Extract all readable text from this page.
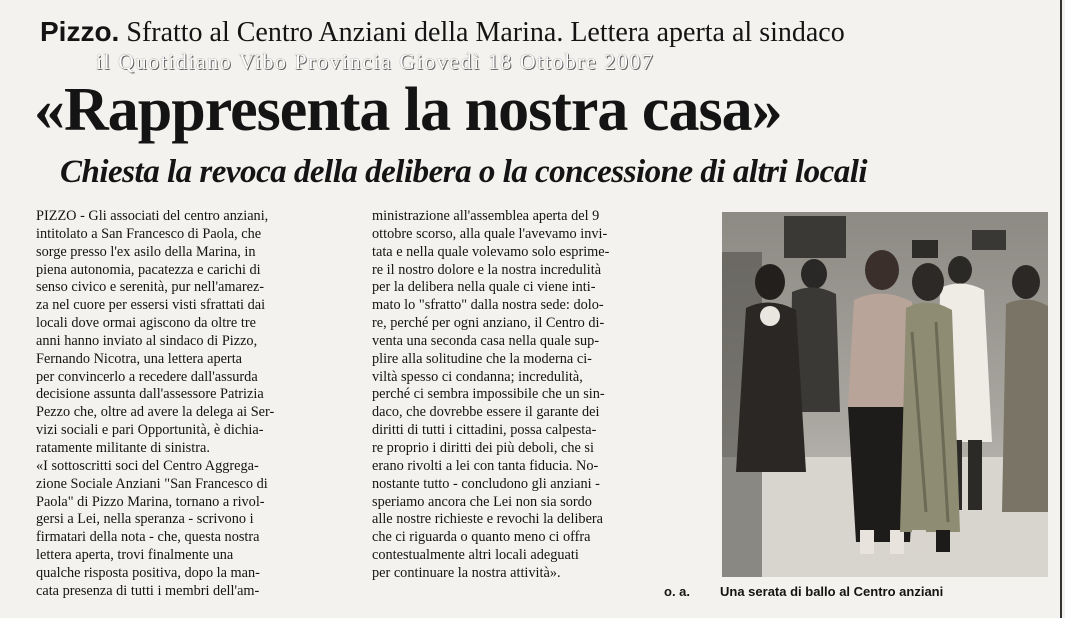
Pizzo. Sfratto al Centro Anziani della Marina. Lettera aperta al sindaco
il Quotidiano Vibo Provincia Giovedì 18 Ottobre 2007
«Rappresenta la nostra casa»
Chiesta la revoca della delibera o la concessione di altri locali
PIZZO - Gli associati del centro anziani,
intitolato a San Francesco di Paola, che
sorge presso l'ex asilo della Marina, in
piena autonomia, pacatezza e carichi di
senso civico e serenità, pur nell'amarez-
za nel cuore per essersi visti sfrattati dai
locali dove ormai agiscono da oltre tre
anni hanno inviato al sindaco di Pizzo,
Fernando Nicotra, una lettera aperta
per convincerlo a recedere dall'assurda
decisione assunta dall'assessore Patrizia
Pezzo che, oltre ad avere la delega ai Ser-
vizi sociali e pari Opportunità, è dichia-
ratamente militante di sinistra.
«I sottoscritti soci del Centro Aggrega-
zione Sociale Anziani "San Francesco di
Paola" di Pizzo Marina, tornano a rivol-
gersi a Lei, nella speranza - scrivono i
firmatari della nota - che, questa nostra
lettera aperta, trovi finalmente una
qualche risposta positiva, dopo la man-
cata presenza di tutti i membri dell'am-
ministrazione all'assemblea aperta del 9
ottobre scorso, alla quale l'avevamo invi-
tata e nella quale volevamo solo esprime-
re il nostro dolore e la nostra incredulità
per la delibera nella quale ci viene inti-
mato lo "sfratto" dalla nostra sede: dolo-
re, perché per ogni anziano, il Centro di-
venta una seconda casa nella quale sup-
plire alla solitudine che la moderna ci-
viltà spesso ci condanna; incredulità,
perché ci sembra impossibile che un sin-
daco, che dovrebbe essere il garante dei
diritti di tutti i cittadini, possa calpesta-
re proprio i diritti dei più deboli, che si
erano rivolti a lei con tanta fiducia. No-
nostante tutto - concludono gli anziani -
speriamo ancora che Lei non sia sordo
alle nostre richieste e revochi la delibera
che ci riguarda o quanto meno ci offra
contestualmente altri locali adeguati
per continuare la nostra attività».
o. a. Una serata di ballo al Centro anziani
